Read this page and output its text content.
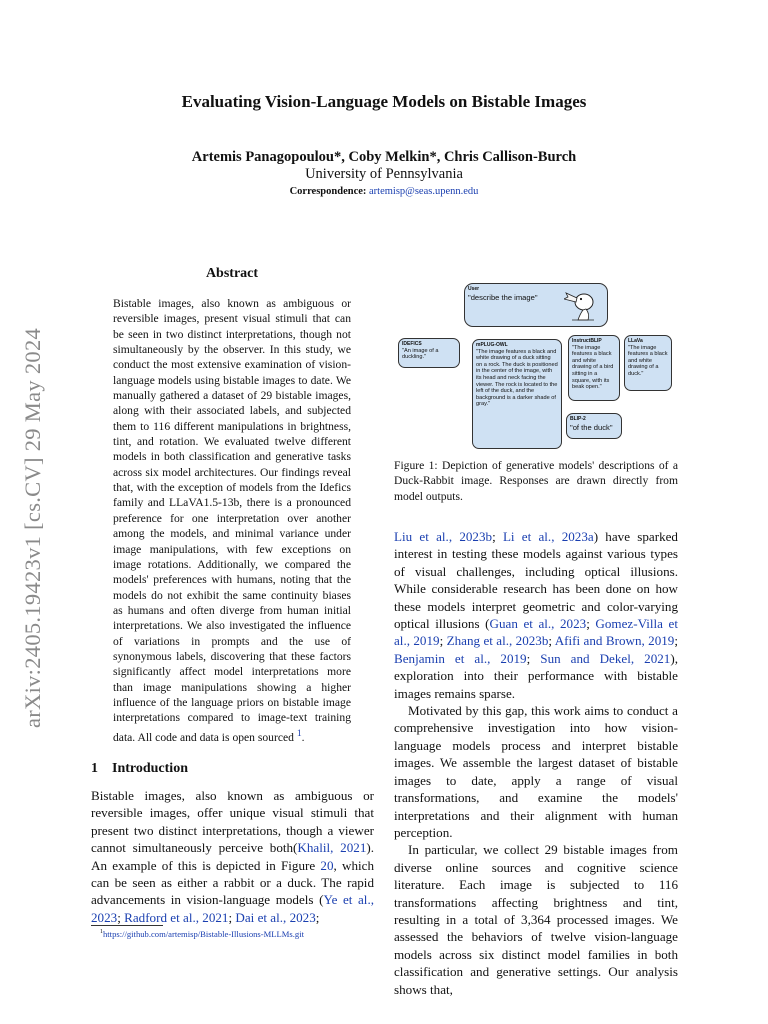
Evaluating Vision-Language Models on Bistable Images
Artemis Panagopoulou*, Coby Melkin*, Chris Callison-Burch
University of Pennsylvania
Correspondence: artemisp@seas.upenn.edu
arXiv:2405.19423v1 [cs.CV] 29 May 2024
Abstract
Bistable images, also known as ambiguous or reversible images, present visual stimuli that can be seen in two distinct interpretations, though not simultaneously by the observer. In this study, we conduct the most extensive examination of vision-language models using bistable images to date. We manually gathered a dataset of 29 bistable images, along with their associated labels, and subjected them to 116 different manipulations in brightness, tint, and rotation. We evaluated twelve different models in both classification and generative tasks across six model architectures. Our findings reveal that, with the exception of models from the Idefics family and LLaVA1.5-13b, there is a pronounced preference for one interpretation over another among the models, and minimal variance under image manipulations, with few exceptions on image rotations. Additionally, we compared the models' preferences with humans, noting that the models do not exhibit the same continuity biases as humans and often diverge from human initial interpretations. We also investigated the influence of variations in prompts and the use of synonymous labels, discovering that these factors significantly affect model interpretations more than image manipulations showing a higher influence of the language priors on bistable image interpretations compared to image-text training data. All code and data is open sourced $^1$.
1 Introduction
Bistable images, also known as ambiguous or reversible images, offer unique visual stimuli that present two distinct interpretations, though a viewer cannot simultaneously perceive both(Khalil, 2021). An example of this is depicted in Figure 20, which can be seen as either a rabbit or a duck. The rapid advancements in vision-language models (Ye et al., 2023; Radford et al., 2021; Dai et al., 2023;
$^1$https://github.com/artemisp/Bistable-Illusions-MLLMs.git
User
"describe the image"
IDEFICS
"An image of a duckling."
mPLUG-OWL
"The image features a black and white drawing of a duck sitting on a rock. The duck is positioned in the center of the image, with its head and neck facing the viewer. The rock is located to the left of the duck, and the background is a darker shade of gray."
InstructBLIP
"The image features a black and white drawing of a bird sitting in a square, with its beak open."
LLaVa
"The image features a black and white drawing of a duck."
BLIP-2
"of the duck"
Figure 1: Depiction of generative models' descriptions of a Duck-Rabbit image. Responses are drawn directly from model outputs.

Liu et al., 2023b; Li et al., 2023a) have sparked interest in testing these models against various types of visual challenges, including optical illusions. While considerable research has been done on how these models interpret geometric and color-varying optical illusions (Guan et al., 2023; Gomez-Villa et al., 2019; Zhang et al., 2023b; Afifi and Brown, 2019; Benjamin et al., 2019; Sun and Dekel, 2021), exploration into their performance with bistable images remains sparse.

Motivated by this gap, this work aims to conduct a comprehensive investigation into how vision-language models process and interpret bistable images. We assemble the largest dataset of bistable images to date, apply a range of visual transformations, and examine the models' interpretations and their alignment with human perception.

In particular, we collect 29 bistable images from diverse online sources and cognitive science literature. Each image is subjected to 116 transformations affecting brightness and tint, resulting in a total of 3,364 processed images. We assessed the behaviors of twelve vision-language models across six distinct model families in both classification and generative settings. Our analysis shows that,
